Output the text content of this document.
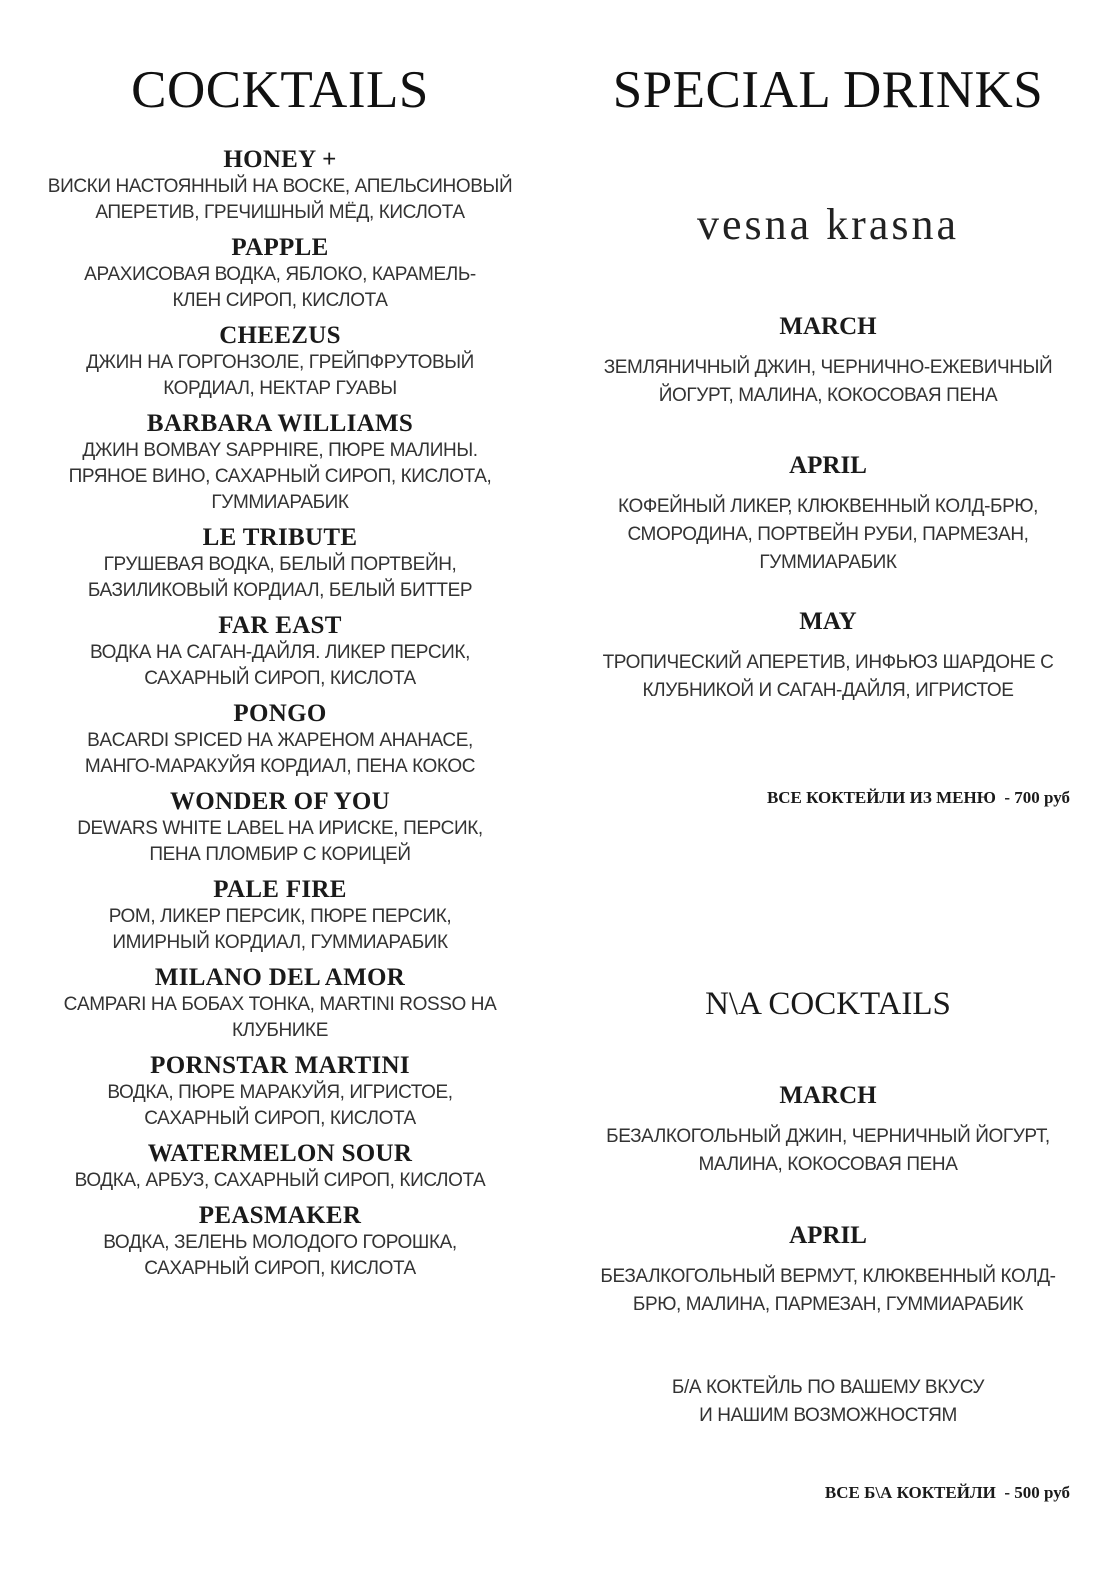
COCKTAILS
HONEY +
ВИСКИ НАСТОЯННЫЙ НА ВОСКЕ, АПЕЛЬСИНОВЫЙ
АПЕРЕТИВ, ГРЕЧИШНЫЙ МЁД, КИСЛОТА
PAPPLE
АРАХИСОВАЯ ВОДКА, ЯБЛОКО, КАРАМЕЛЬ-
КЛЕН СИРОП, КИСЛОТА
CHEEZUS
ДЖИН НА ГОРГОНЗОЛЕ, ГРЕЙПФРУТОВЫЙ
КОРДИАЛ, НЕКТАР ГУАВЫ
BARBARA WILLIAMS
ДЖИН BOMBAY SAPPHIRE, ПЮРЕ МАЛИНЫ.
ПРЯНОЕ ВИНО, САХАРНЫЙ СИРОП, КИСЛОТА,
ГУММИАРАБИК
LE TRIBUTE
ГРУШЕВАЯ ВОДКА, БЕЛЫЙ ПОРТВЕЙН,
БАЗИЛИКОВЫЙ КОРДИАЛ, БЕЛЫЙ БИТТЕР
FAR EAST
ВОДКА НА САГАН-ДАЙЛЯ. ЛИКЕР ПЕРСИК,
САХАРНЫЙ СИРОП, КИСЛОТА
PONGO
BACARDI SPICED НА ЖАРЕНОМ АНАНАСЕ,
МАНГО-МАРАКУЙЯ КОРДИАЛ, ПЕНА КОКОС
WONDER OF YOU
DEWARS WHITE LABEL НА ИРИСКЕ, ПЕРСИК,
ПЕНА ПЛОМБИР С КОРИЦЕЙ
PALE FIRE
РОМ, ЛИКЕР ПЕРСИК, ПЮРЕ ПЕРСИК,
ИМИРНЫЙ КОРДИАЛ, ГУММИАРАБИК
MILANO DEL AMOR
CAMPARI НА БОБАХ ТОНКА, MARTINI ROSSO НА
КЛУБНИКЕ
PORNSTAR MARTINI
ВОДКА, ПЮРЕ МАРАКУЙЯ, ИГРИСТОЕ,
САХАРНЫЙ СИРОП, КИСЛОТА
WATERMELON SOUR
ВОДКА, АРБУЗ, САХАРНЫЙ СИРОП, КИСЛОТА
PEASMAKER
ВОДКА, ЗЕЛЕНЬ МОЛОДОГО ГОРОШКА,
САХАРНЫЙ СИРОП, КИСЛОТА
SPECIAL DRINKS
vesna krasna
MARCH
ЗЕМЛЯНИЧНЫЙ ДЖИН, ЧЕРНИЧНО-ЕЖЕВИЧНЫЙ
ЙОГУРТ, МАЛИНА, КОКОСОВАЯ ПЕНА
APRIL
КОФЕЙНЫЙ ЛИКЕР, КЛЮКВЕННЫЙ КОЛД-БРЮ,
СМОРОДИНА, ПОРТВЕЙН РУБИ, ПАРМЕЗАН,
ГУММИАРАБИК
MAY
ТРОПИЧЕСКИЙ АПЕРЕТИВ, ИНФЬЮЗ ШАРДОНЕ С
КЛУБНИКОЙ И САГАН-ДАЙЛЯ, ИГРИСТОЕ
MARCH
БЕЗАЛКОГОЛЬНЫЙ ДЖИН, ЧЕРНИЧНЫЙ ЙОГУРТ,
МАЛИНА, КОКОСОВАЯ ПЕНА
APRIL
БЕЗАЛКОГОЛЬНЫЙ ВЕРМУТ, КЛЮКВЕННЫЙ КОЛД-
БРЮ, МАЛИНА, ПАРМЕЗАН, ГУММИАРАБИК
ВСЕ КОКТЕЙЛИ ИЗ МЕНЮ  - 700 руб
N\A COCKTAILS
Б/А КОКТЕЙЛЬ ПО ВАШЕМУ ВКУСУ
И НАШИМ ВОЗМОЖНОСТЯМ
ВСЕ Б\А КОКТЕЙЛИ  - 500 руб
